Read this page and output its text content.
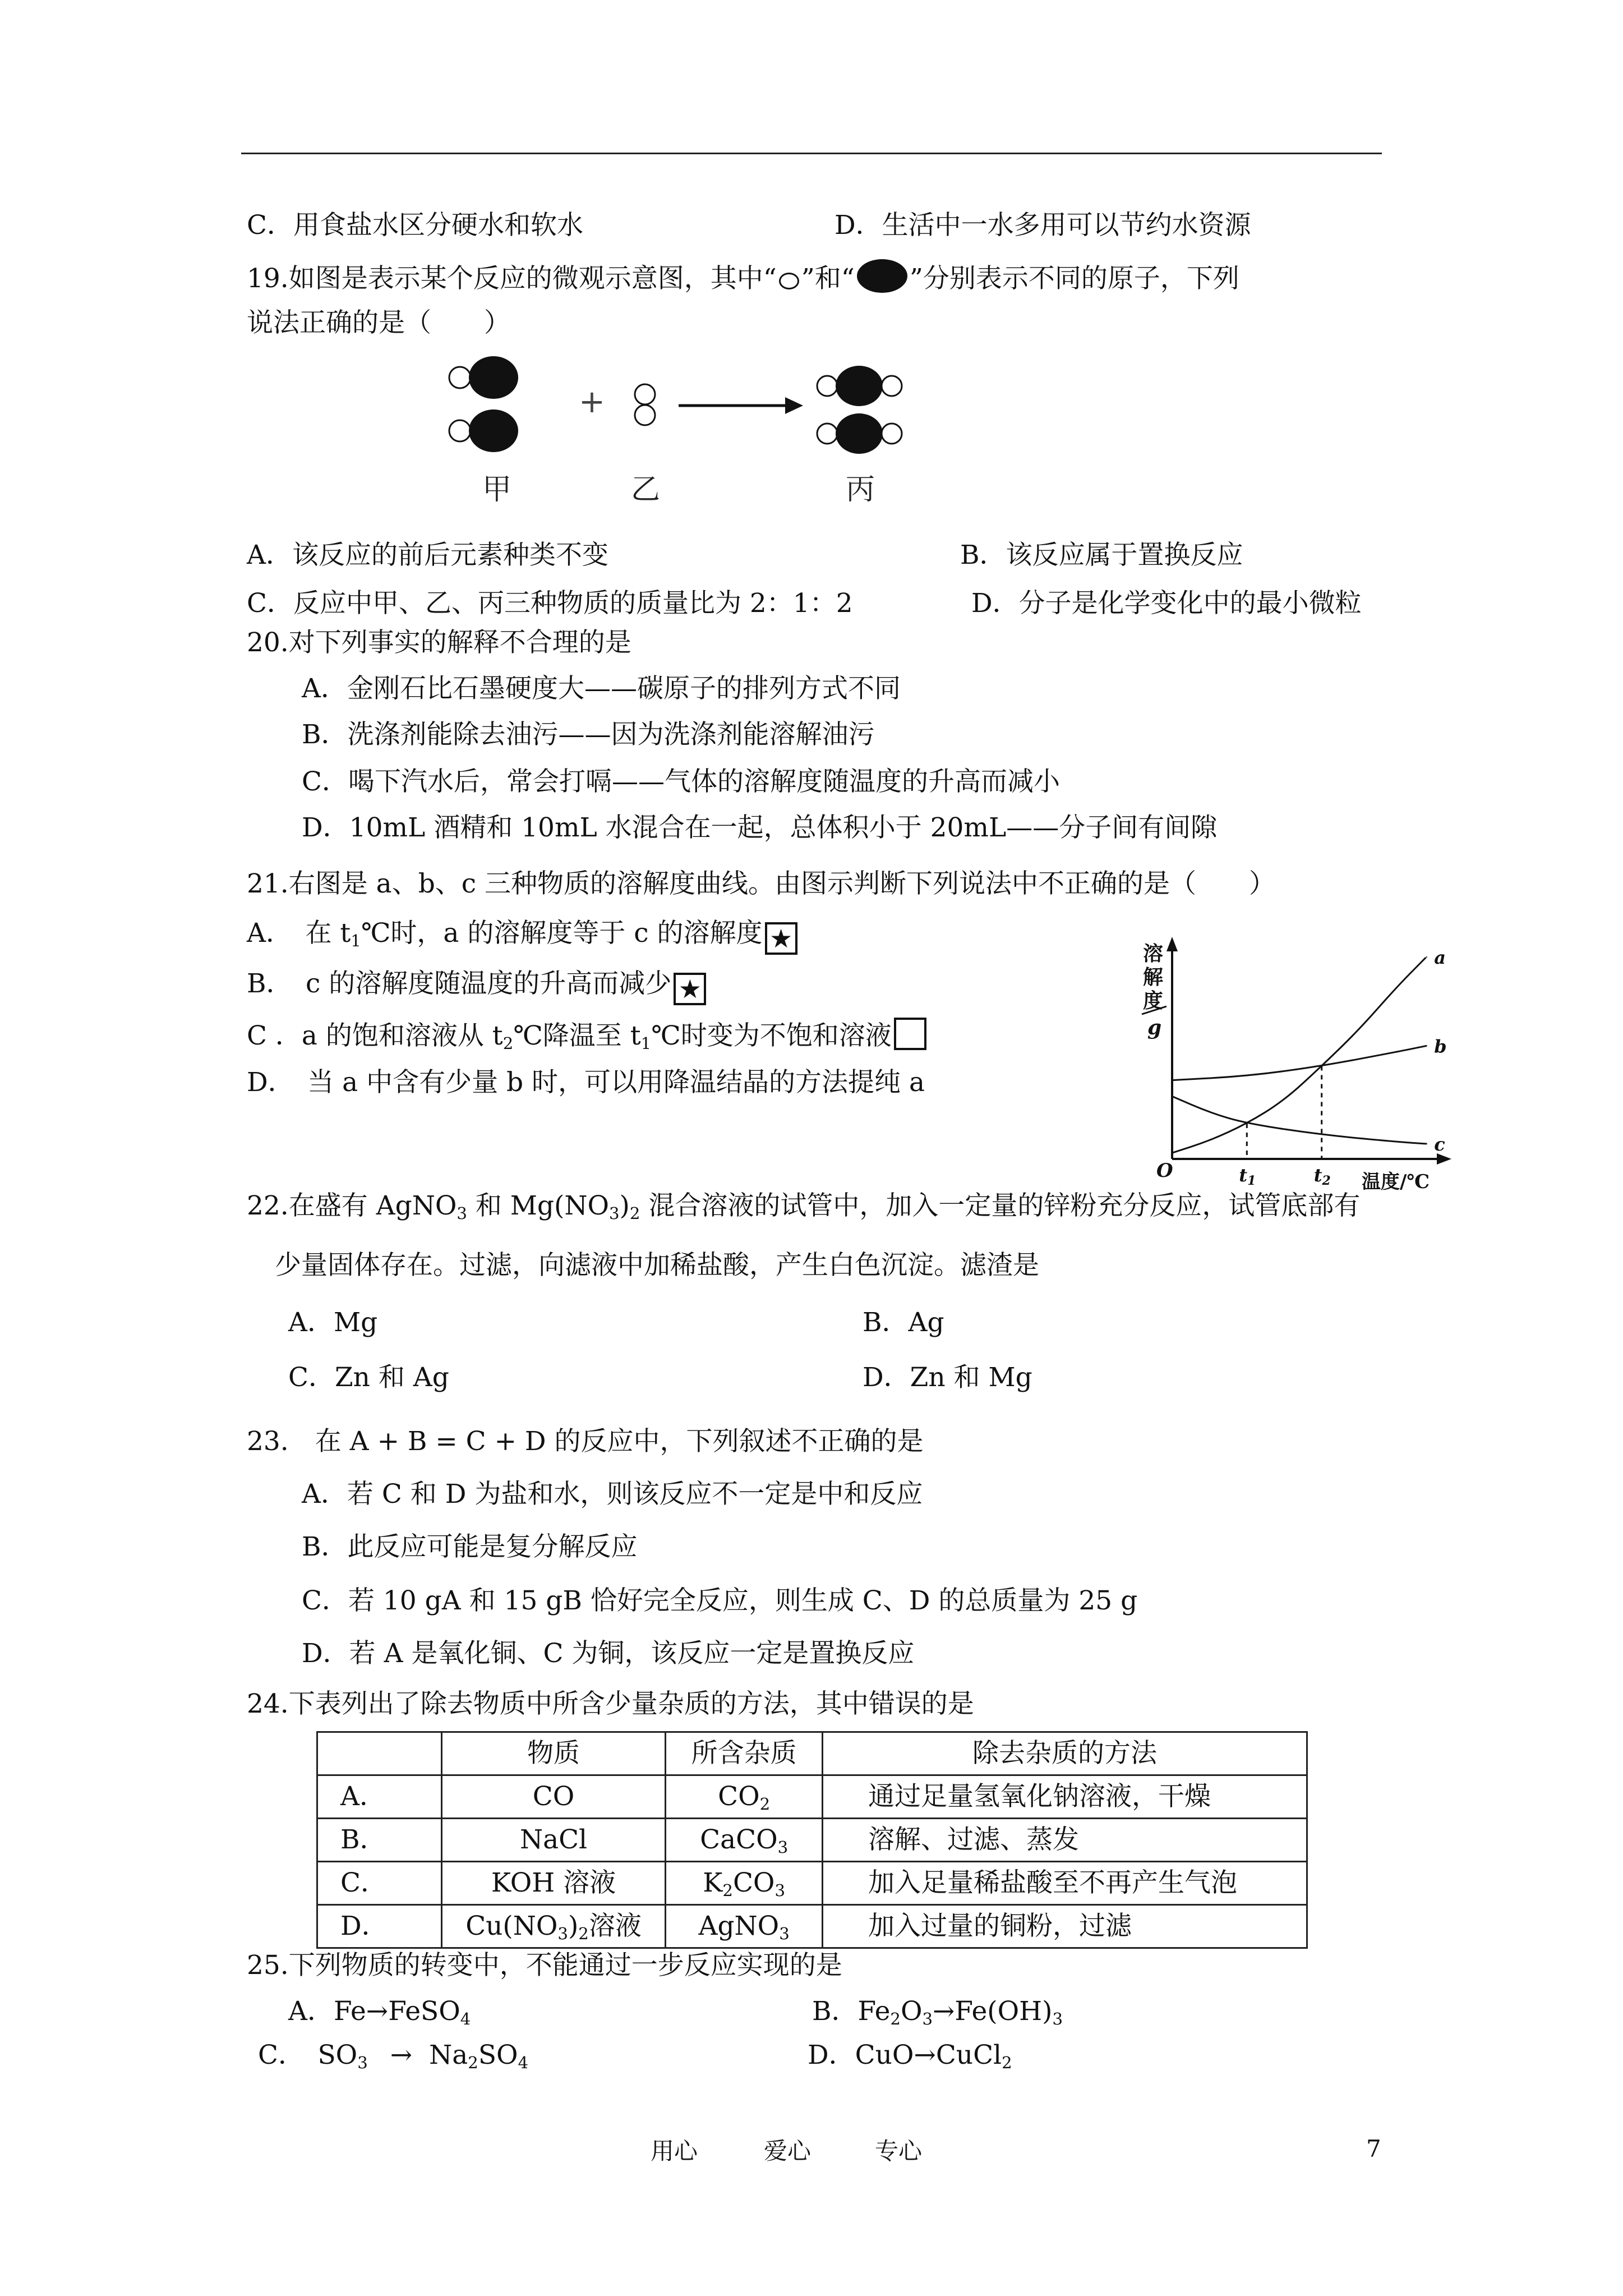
C．用食盐水区分硬水和软水	D．生活中一水多用可以节约水资源
19.如图是表示某个反应的微观示意图，其中“ ”和“ ”分别表示不同的原子，下列
说法正确的是（　　）
+
甲	乙	丙
A．该反应的前后元素种类不变	B．该反应属于置换反应
C．反应中甲、乙、丙三种物质的质量比为 2：1：2	D．分子是化学变化中的最小微粒
20.对下列事实的解释不合理的是
A．金刚石比石墨硬度大——碳原子的排列方式不同
B．洗涤剂能除去油污——因为洗涤剂能溶解油污
C．喝下汽水后，常会打嗝——气体的溶解度随温度的升高而减小
D．10mL 酒精和 10mL 水混合在一起，总体积小于 20mL——分子间有间隙
21.右图是 a、b、c 三种物质的溶解度曲线。由图示判断下列说法中不正确的是（　　）
A．　在 $t_1℃$时，a 的溶解度等于 c 的溶解度 ★
B．　c 的溶解度随温度的升高而减少 ★
C ．a 的饱和溶液从 $t_2℃$降温至 $t_1℃$时变为不饱和溶液
D．　当 a 中含有少量 b 时，可以用降温结晶的方法提纯 a
溶
解
度
g
O	温度/℃
a
b
c
t1	t2
22.在盛有 AgNO$_3$ 和 $Mg(NO_3)_2$ 混合溶液的试管中，加入一定量的锌粉充分反应，试管底部有
少量固体存在。过滤，向滤液中加稀盐酸，产生白色沉淀。滤渣是
A．Mg	B．Ag
C．Zn 和 Ag	D．Zn 和 Mg
23.　在 A + B = C + D 的反应中，下列叙述不正确的是
A．若 C 和 D 为盐和水，则该反应不一定是中和反应
B．此反应可能是复分解反应
C．若 10 gA 和 15 gB 恰好完全反应，则生成 C、D 的总质量为 25 g
D．若 A 是氧化铜、C 为铜，该反应一定是置换反应
24.下表列出了除去物质中所含少量杂质的方法，其中错误的是
	物质	所含杂质	除去杂质的方法
A．	CO	$CO_2$	通过足量氢氧化钠溶液，干燥
B．	NaCl	CaCO$_3$	溶解、过滤、蒸发
C．	KOH 溶液	$K_2CO_3$	加入足量稀盐酸至不再产生气泡
D．	$Cu(NO_3)_2$溶液	AgNO$_3$	加入过量的铜粉，过滤
25.下列物质的转变中，不能通过一步反应实现的是
A．Fe→FeSO$_4$	B．$Fe_2O_3\to Fe(OH)_3$
C．　$SO_3 \to Na_2SO_4$	D．CuO→CuCl$_2$
用心	爱心	专心	7
